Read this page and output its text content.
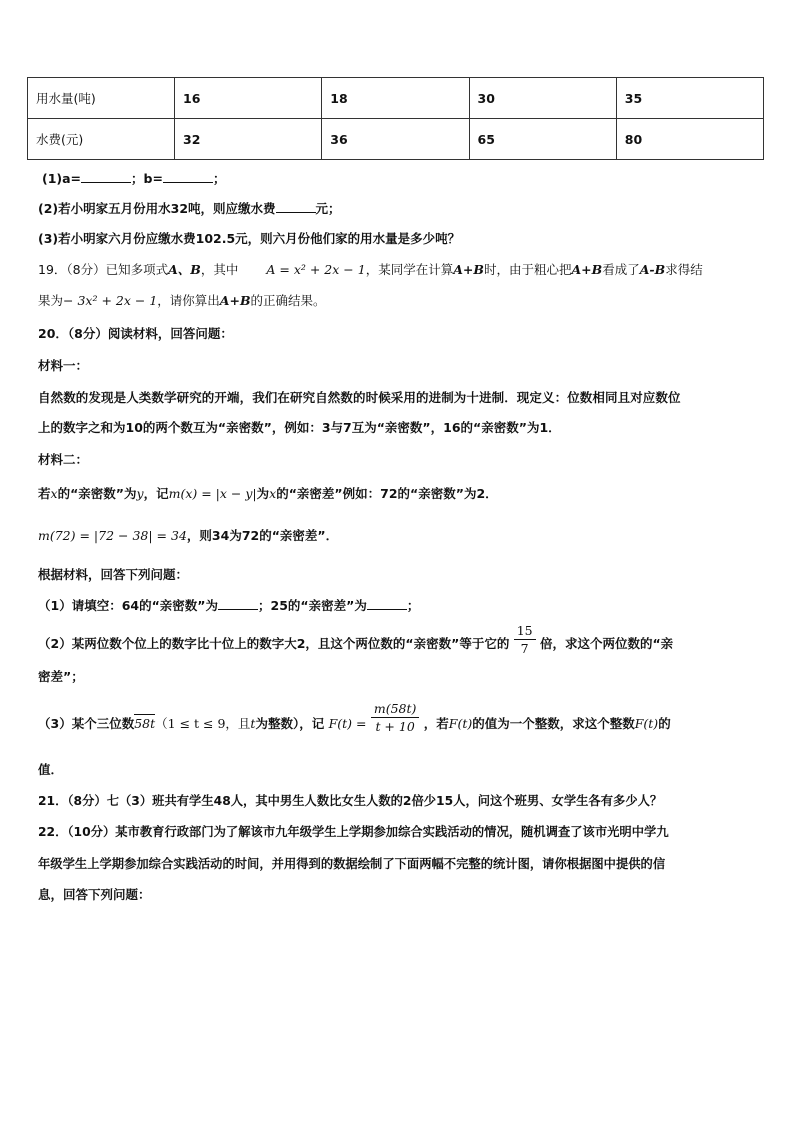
用水量(吨)	16	18	30	35
水费(元)	32	36	65	80
(1)a=	；b=	；
(2)若小明家五月份用水32吨，则应缴水费	元；
(3)若小明家六月份应缴水费102.5元，则六月份他们家的用水量是多少吨？
19．（8分）已知多项式A、B，其中 A = x² + 2x − 1，某同学在计算A+B时，由于粗心把A+B看成了A-B求得结
果为− 3x² + 2x − 1，请你算出A+B的正确结果。
20．（8分）阅读材料，回答问题：
材料一：
自然数的发现是人类数学研究的开端，我们在研究自然数的时候采用的进制为十进制．现定义：位数相同且对应数位
上的数字之和为10的两个数互为“亲密数”，例如：3与7互为“亲密数”，16的“亲密数”为1．
材料二：
若x的“亲密数”为y，记m(x) = |x − y|为x的“亲密差”例如：72的“亲密数”为2．
m(72) = |72 − 38| = 34，则34为72的“亲密差”．
根据材料，回答下列问题：
（1）请填空：64的“亲密数”为	；25的“亲密差”为	；
（2）某两位数个位上的数字比十位上的数字大2，且这个两位数的“亲密数”等于它的 $\frac{15}{7}$ 倍，求这个两位数的“亲
密差”；
（3）某个三位数58t（1 ≤ t ≤ 9，且t为整数），记 $F(t) = \frac{m(58t)}{t + 10}$ ，若F(t)的值为一个整数，求这个整数F(t)的
值．
21．（8分）七（3）班共有学生48人，其中男生人数比女生人数的2倍少15人，问这个班男、女学生各有多少人？
22．（10分）某市教育行政部门为了解该市九年级学生上学期参加综合实践活动的情况，随机调查了该市光明中学九
年级学生上学期参加综合实践活动的时间，并用得到的数据绘制了下面两幅不完整的统计图，请你根据图中提供的信
息，回答下列问题：
